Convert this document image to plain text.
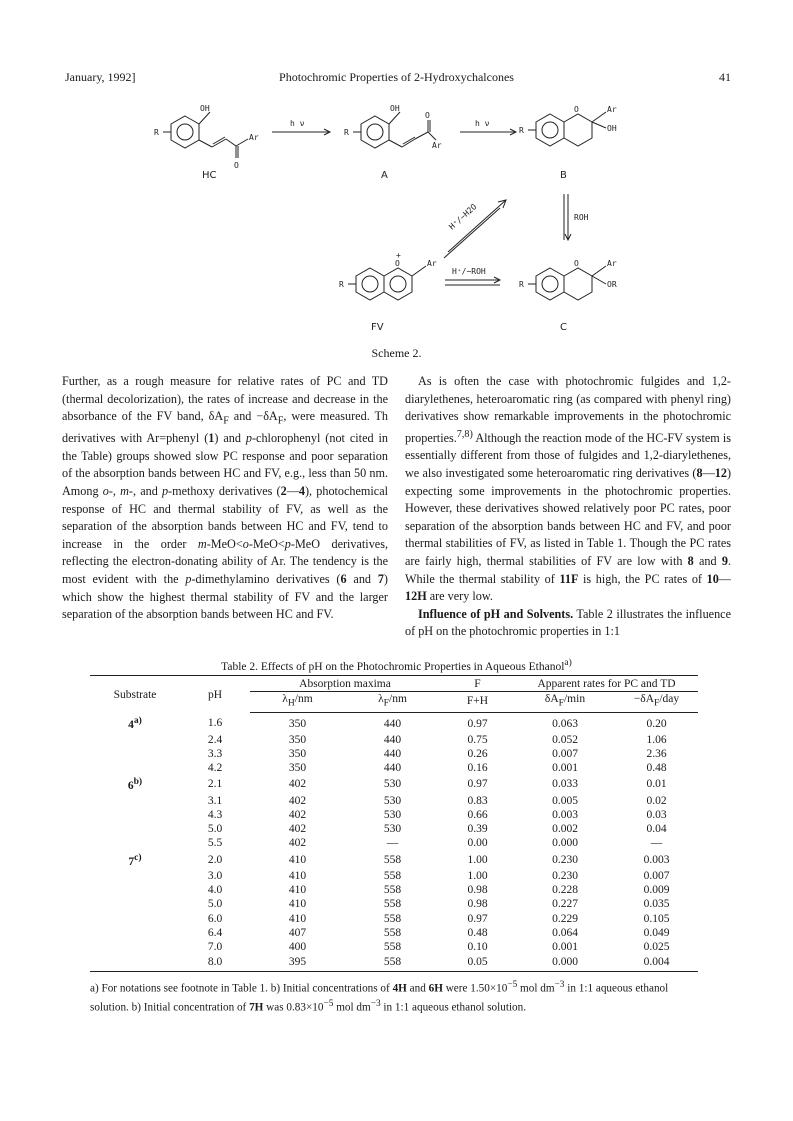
Photochromic Properties of 2-Hydroxychalcones
January, 1992]	41
OH
R
Ar
O
OH
R
O
Ar
R
O	Ar
OH
R
O
+
Ar
R
O	Ar
OR
h ν	h ν
H⁺/−H2O	ROH
H⁺/−ROH
HC	A	B
FV	C
Scheme 2.

Further, as a rough measure for relative rates of PC and TD (thermal decolorization), the rates of increase and decrease in the absorbance of the FV band, $\delta A_F$ and $-\delta A_F$, were measured. Th derivatives with Ar=phenyl (1) and p-chlorophenyl (not cited in the Table) groups showed slow PC response and poor separation of the absorption bands between HC and FV, e.g., less than 50 nm. Among o-, m-, and p-methoxy derivatives (2—4), photochemical response of HC and thermal stability of FV, as well as the separation of the absorption bands between HC and FV, tend to increase in the order m-MeO<o-MeO<p-MeO derivatives, reflecting the electron-donating ability of Ar. The tendency is the most evident with the p-dimethylamino derivatives (6 and 7) which show the highest thermal stability of FV and the larger separation of the absorption bands between HC and FV.

As is often the case with photochromic fulgides and 1,2-diarylethenes, heteroaromatic ring (as compared with phenyl ring) derivatives show remarkable improvements in the photochromic properties.$^{7,8)}$ Although the reaction mode of the HC-FV system is essentially different from those of fulgides and 1,2-diarylethenes, we also investigated some heteroaromatic ring derivatives (8—12) expecting some improvements in the photochromic properties. However, these derivatives showed relatively poor PC rates, poor separation of the absorption bands between HC and FV, and poor thermal stabilities of FV, as listed in Table 1. Though the PC rates are fairly high, thermal stabilities of FV are low with 8 and 9. While the thermal stability of 11F is high, the PC rates of 10—12H are very low.

Influence of pH and Solvents. Table 2 illustrates the influence of pH on the photochromic properties in 1:1

Table 2. Effects of pH on the Photochromic Properties in Aqueous Ethanol$^{a)}$
Substrate	pH	Absorption maxima		F	Apparent rates for PC and TD	
		$\lambda_H/nm$	$\lambda_F/nm$	F+H	$\delta A_F/\min$	$-\delta A_F$/day
4$^{a)}$	1.6	350	440	0.97	0.063	0.20
	2.4	350	440	0.75	0.052	1.06
	3.3	350	440	0.26	0.007	2.36
	4.2	350	440	0.16	0.001	0.48
6$^{b)}$	2.1	402	530	0.97	0.033	0.01
	3.1	402	530	0.83	0.005	0.02
	4.3	402	530	0.66	0.003	0.03
	5.0	402	530	0.39	0.002	0.04
	5.5	402	—	0.00	0.000	—
7$^{c)}$	2.0	410	558	1.00	0.230	0.003
	3.0	410	558	1.00	0.230	0.007
	4.0	410	558	0.98	0.228	0.009
	5.0	410	558	0.98	0.227	0.035
	6.0	410	558	0.97	0.229	0.105
	6.4	407	558	0.48	0.064	0.049
	7.0	400	558	0.10	0.001	0.025
	8.0	395	558	0.05	0.000	0.004
a) For notations see footnote in Table 1. b) Initial concentrations of 4H and 6H were $1.50\times 10^{-5}$ mol $dm^{-3}$ in 1:1 aqueous ethanol solution. b) Initial concentration of 7H was $0.83\times 10^{-5}$ mol $dm^{-3}$ in 1:1 aqueous ethanol solution.
